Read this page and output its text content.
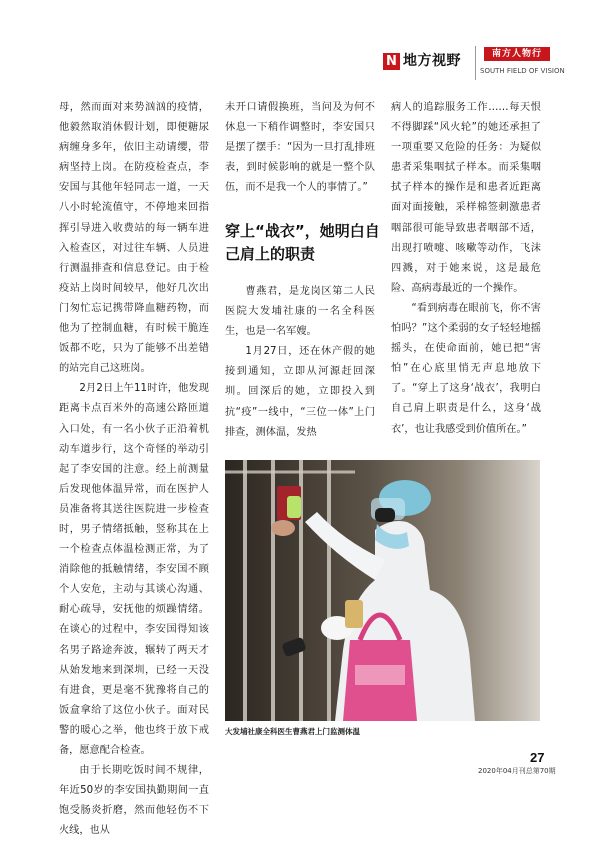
N 地方视野	南方人物行
SOUTH FIELD OF VISION

母，然而面对来势汹汹的疫情，他毅然取消休假计划，即便糖尿病缠身多年，依旧主动请缨，带病坚持上岗。在防疫检查点，李安国与其他年轻同志一道，一天八小时轮流值守，不停地来回指挥引导进入收费站的每一辆车进入检查区，对过往车辆、人员进行测温排查和信息登记。由于检疫站上岗时间较早，他好几次出门匆忙忘记携带降血糖药物，而他为了控制血糖，有时候干脆连饭都不吃，只为了能够不出差错的站完自己这班岗。

2月2日上午11时许，他发现距离卡点百米外的高速公路匝道入口处，有一名小伙子正沿着机动车道步行，这个奇怪的举动引起了李安国的注意。经上前测量后发现他体温异常，而在医护人员准备将其送往医院进一步检查时，男子情绪抵触，竖称其在上一个检查点体温检测正常，为了消除他的抵触情绪，李安国不顾个人安危，主动与其谈心沟通、耐心疏导，安抚他的烦躁情绪。在谈心的过程中，李安国得知该名男子路途奔波，辗转了两天才从始发地来到深圳，已经一天没有进食，更是毫不犹豫将自己的饭盒拿给了这位小伙子。面对民警的暖心之举，他也终于放下戒备，愿意配合检查。

由于长期吃饭时间不规律，年近50岁的李安国执勤期间一直饱受肠炎折磨，然而他轻伤不下火线，也从

未开口请假换班，当问及为何不休息一下稍作调整时，李安国只是摆了摆手：“因为一旦打乱排班表，到时候影响的就是一整个队伍，而不是我一个人的事情了。”

穿上“战衣”，她明白自己肩上的职责

曹燕君，是龙岗区第二人民医院大发埔社康的一名全科医生，也是一名军嫂。

1月27日，还在休产假的她接到通知，立即从河源赶回深圳。回深后的她，立即投入到抗“疫”一线中，“三位一体”上门排查，测体温，发热

病人的追踪服务工作……每天恨不得脚踩“风火轮”的她还承担了一项重要又危险的任务：为疑似患者采集咽拭子样本。而采集咽拭子样本的操作是和患者近距离面对面接触，采样棉签刺激患者咽部很可能导致患者咽部不适，出现打喷嚏、咳嗽等动作，飞沫四溅，对于她来说，这是最危险、高病毒最近的一个操作。

“看到病毒在眼前飞，你不害怕吗？”这个柔弱的女子轻轻地摇摇头，在使命面前，她已把“害怕”在心底里悄无声息地放下了。“穿上了这身‘战衣’，我明白自己肩上职责是什么，这身‘战衣’，也让我感受到价值所在。”

大发埔社康全科医生曹燕君上门监测体温
27
2020年04月刊总第70期
